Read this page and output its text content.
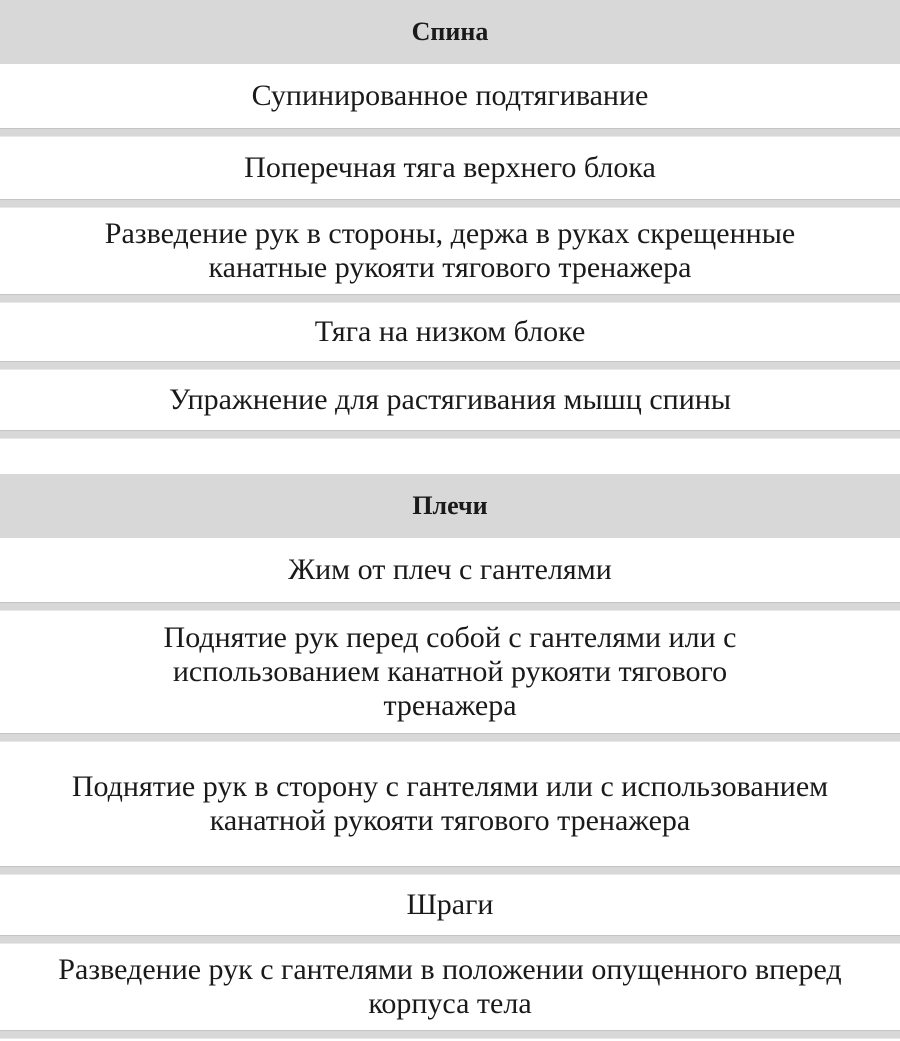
Спина
Супинированное подтягивание
Поперечная тяга верхнего блока
Разведение рук в стороны, держа в руках скрещенные канатные рукояти тягового тренажера
Тяга на низком блоке
Упражнение для растягивания мышц спины
Плечи
Жим от плеч с гантелями
Поднятие рук перед собой с гантелями или с использованием канатной рукояти тягового тренажера
Поднятие рук в сторону с гантелями или с использованием канатной рукояти тягового тренажера
Шраги
Разведение рук с гантелями в положении опущенного вперед корпуса тела
